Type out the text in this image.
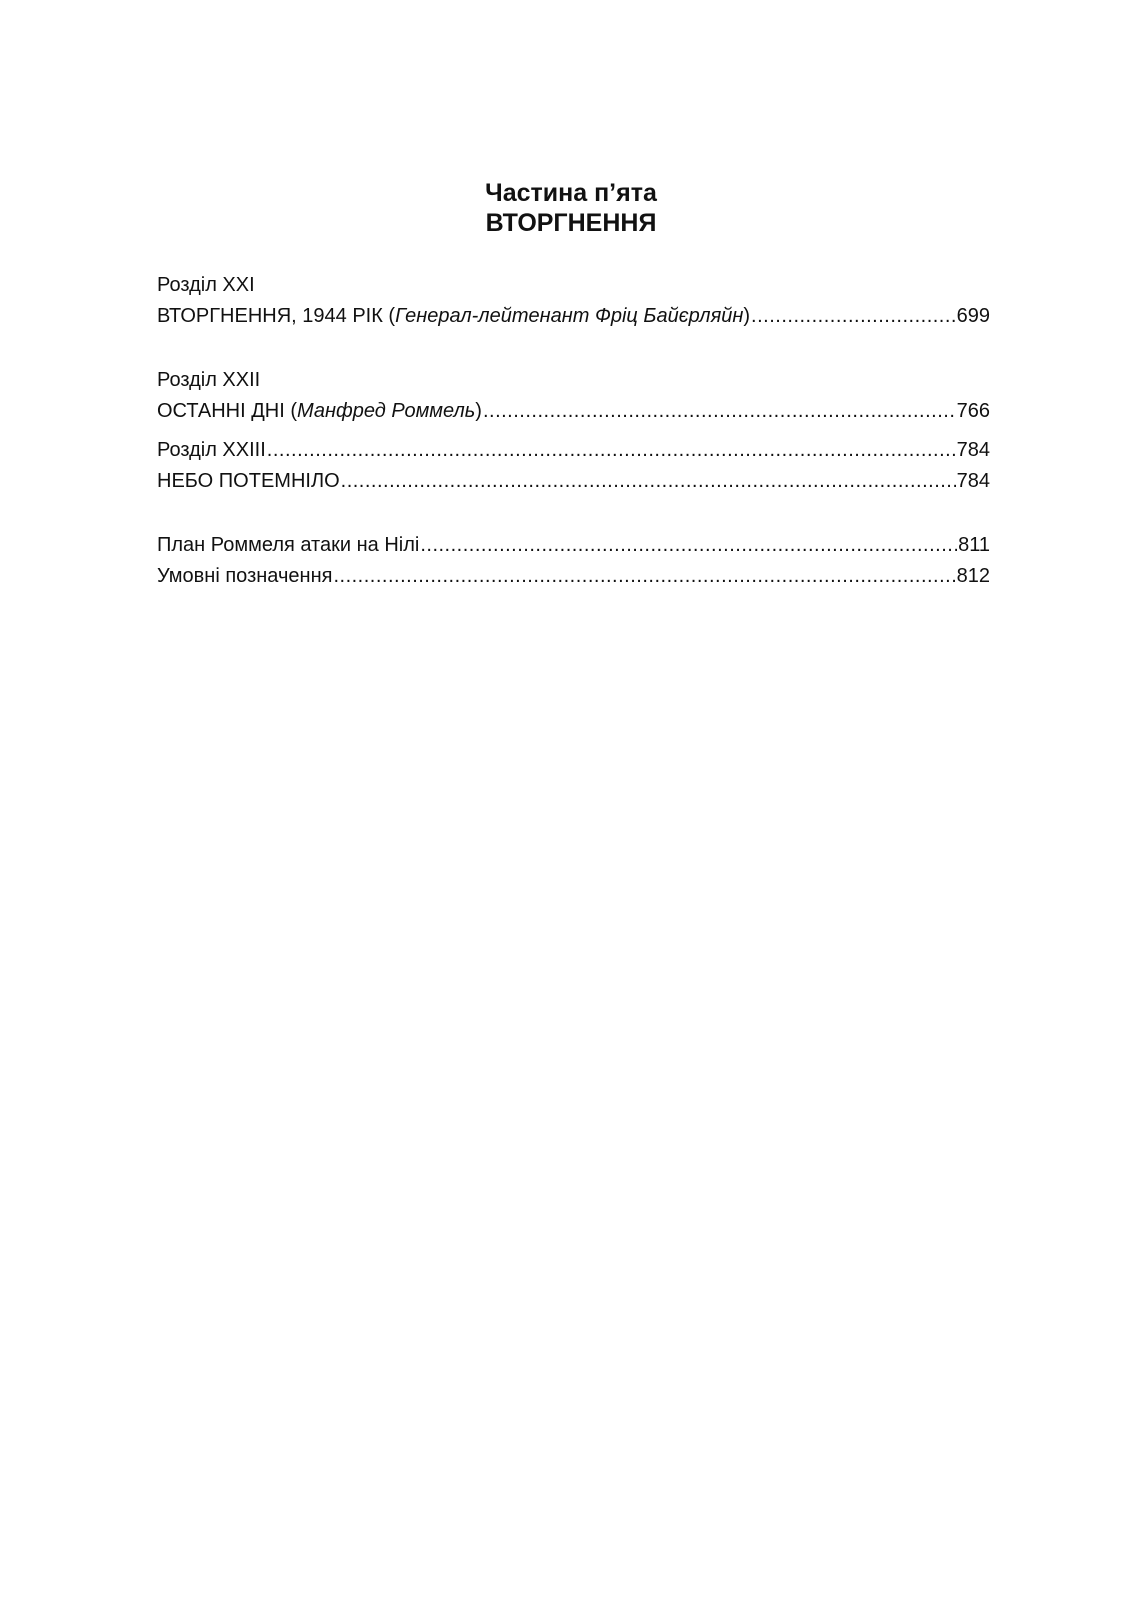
Частина п’ята
ВТОРГНЕННЯ
Розділ XXI
ВТОРГНЕННЯ, 1944 РІК (Генерал-лейтенант Фріц Байєрляйн) .....	699
Розділ XXII
ОСТАННІ ДНІ (Манфред Роммель) .....	766
Розділ XXIII .....	784
НЕБО ПОТЕМНІЛО .....	784
План Роммеля атаки на Нілі .....	811
Умовні позначення .....	812
